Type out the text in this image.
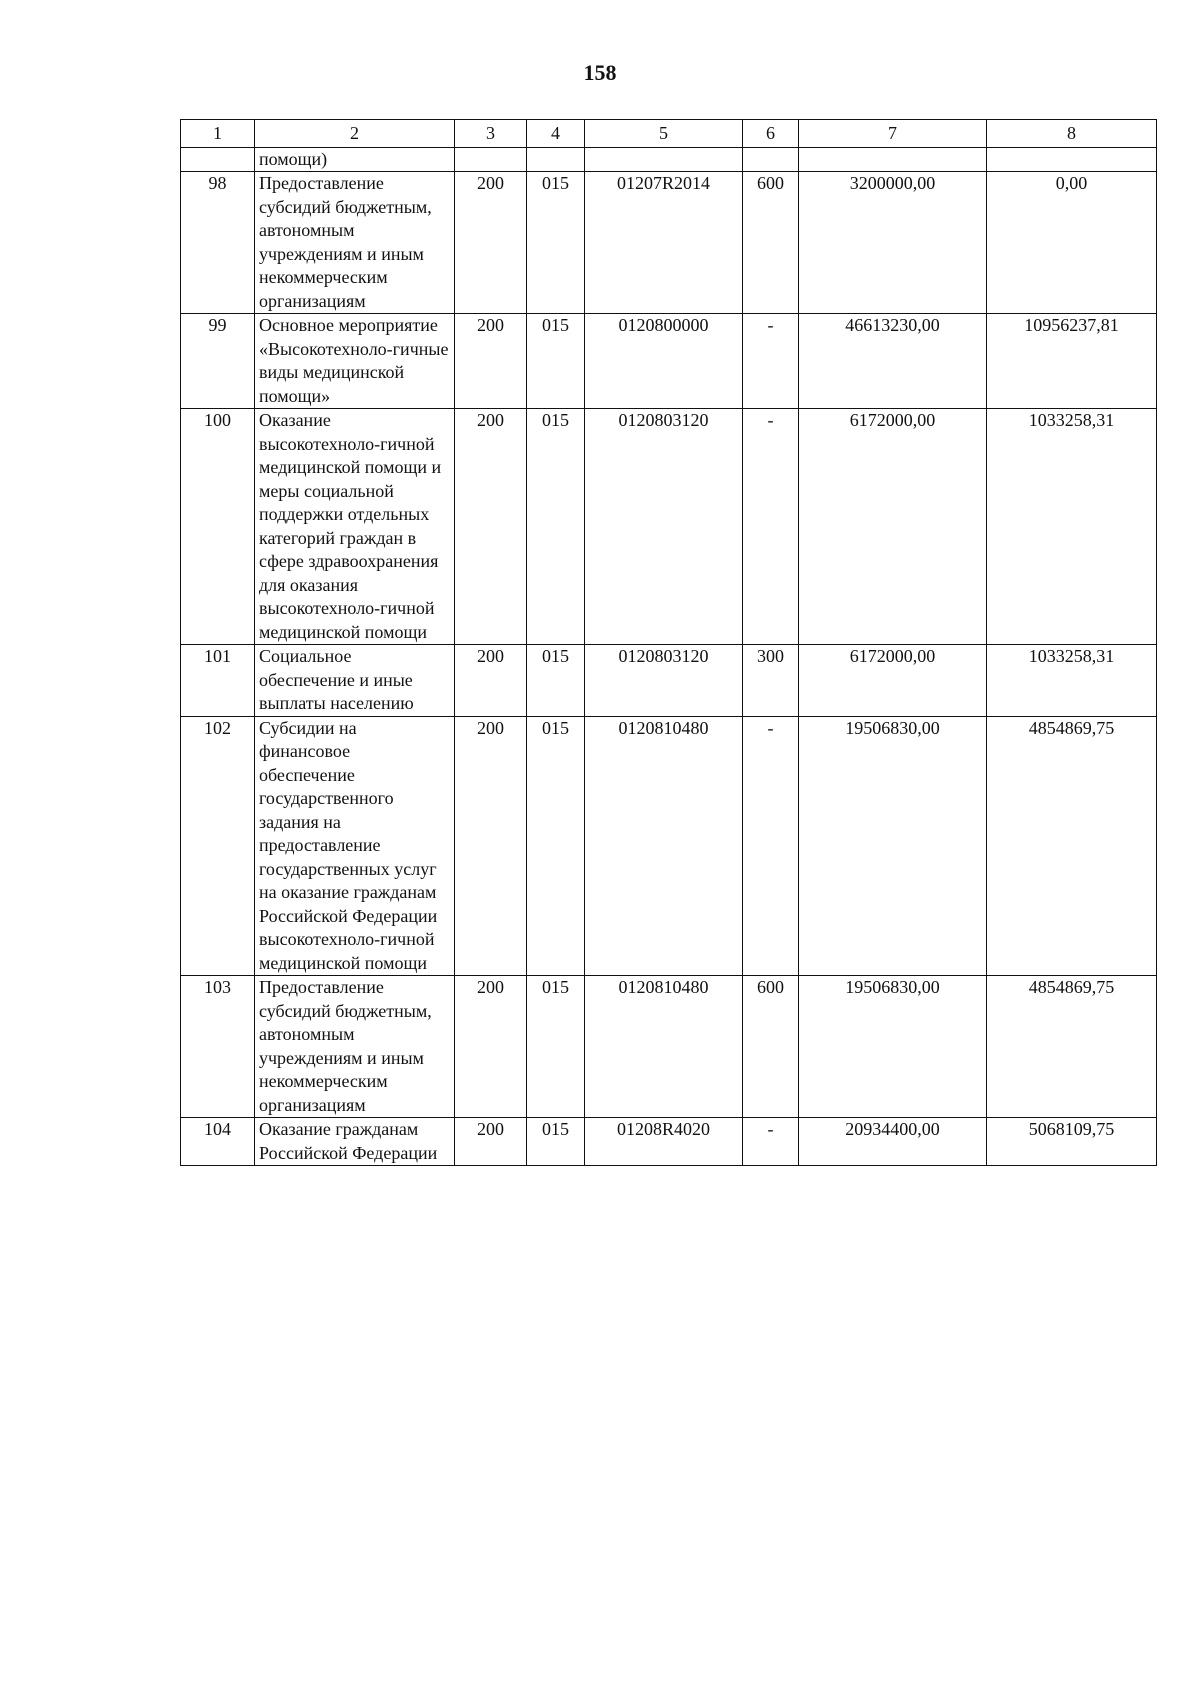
158
1	2	3	4	5	6	7	8
	помощи)						
98	Предоставление субсидий бюджетным, автономным учреждениям и иным некоммерческим организациям	200	015	01207R2014	600	3200000,00	0,00
99	Основное мероприятие «Высокотехноло-гичные виды медицинской помощи»	200	015	0120800000	-	46613230,00	10956237,81
100	Оказание высокотехноло-гичной медицинской помощи и меры социальной поддержки отдельных категорий граждан в сфере здравоохранения для оказания высокотехноло-гичной медицинской помощи	200	015	0120803120	-	6172000,00	1033258,31
101	Социальное обеспечение и иные выплаты населению	200	015	0120803120	300	6172000,00	1033258,31
102	Субсидии на финансовое обеспечение государственного задания на предоставление государственных услуг на оказание гражданам Российской Федерации высокотехноло-гичной медицинской помощи	200	015	0120810480	-	19506830,00	4854869,75
103	Предоставление субсидий бюджетным, автономным учреждениям и иным некоммерческим организациям	200	015	0120810480	600	19506830,00	4854869,75
104	Оказание гражданам Российской Федерации	200	015	01208R4020	-	20934400,00	5068109,75
